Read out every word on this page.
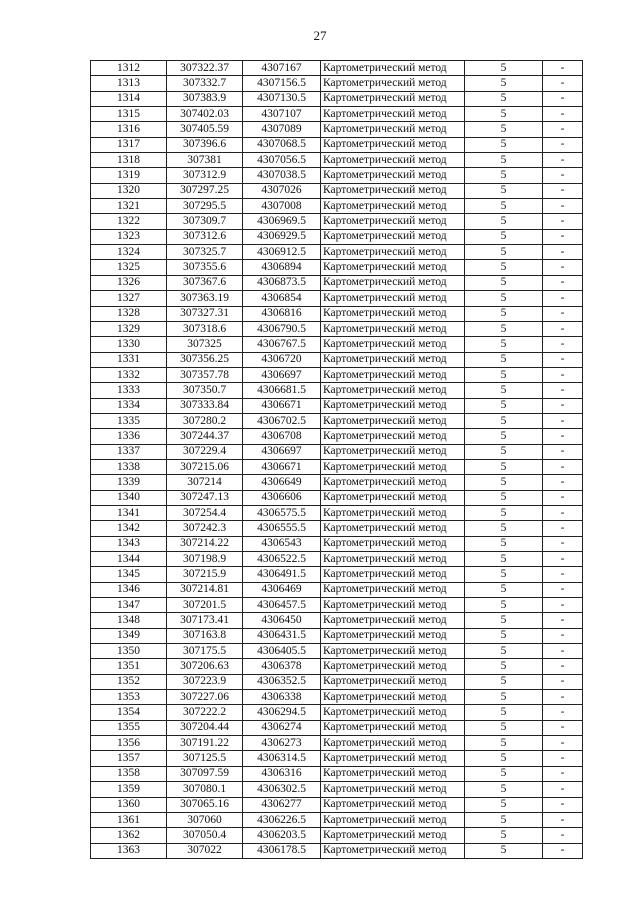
27
1312	307322.37	4307167	Картометрический метод	5	-
1313	307332.7	4307156.5	Картометрический метод	5	-
1314	307383.9	4307130.5	Картометрический метод	5	-
1315	307402.03	4307107	Картометрический метод	5	-
1316	307405.59	4307089	Картометрический метод	5	-
1317	307396.6	4307068.5	Картометрический метод	5	-
1318	307381	4307056.5	Картометрический метод	5	-
1319	307312.9	4307038.5	Картометрический метод	5	-
1320	307297.25	4307026	Картометрический метод	5	-
1321	307295.5	4307008	Картометрический метод	5	-
1322	307309.7	4306969.5	Картометрический метод	5	-
1323	307312.6	4306929.5	Картометрический метод	5	-
1324	307325.7	4306912.5	Картометрический метод	5	-
1325	307355.6	4306894	Картометрический метод	5	-
1326	307367.6	4306873.5	Картометрический метод	5	-
1327	307363.19	4306854	Картометрический метод	5	-
1328	307327.31	4306816	Картометрический метод	5	-
1329	307318.6	4306790.5	Картометрический метод	5	-
1330	307325	4306767.5	Картометрический метод	5	-
1331	307356.25	4306720	Картометрический метод	5	-
1332	307357.78	4306697	Картометрический метод	5	-
1333	307350.7	4306681.5	Картометрический метод	5	-
1334	307333.84	4306671	Картометрический метод	5	-
1335	307280.2	4306702.5	Картометрический метод	5	-
1336	307244.37	4306708	Картометрический метод	5	-
1337	307229.4	4306697	Картометрический метод	5	-
1338	307215.06	4306671	Картометрический метод	5	-
1339	307214	4306649	Картометрический метод	5	-
1340	307247.13	4306606	Картометрический метод	5	-
1341	307254.4	4306575.5	Картометрический метод	5	-
1342	307242.3	4306555.5	Картометрический метод	5	-
1343	307214.22	4306543	Картометрический метод	5	-
1344	307198.9	4306522.5	Картометрический метод	5	-
1345	307215.9	4306491.5	Картометрический метод	5	-
1346	307214.81	4306469	Картометрический метод	5	-
1347	307201.5	4306457.5	Картометрический метод	5	-
1348	307173.41	4306450	Картометрический метод	5	-
1349	307163.8	4306431.5	Картометрический метод	5	-
1350	307175.5	4306405.5	Картометрический метод	5	-
1351	307206.63	4306378	Картометрический метод	5	-
1352	307223.9	4306352.5	Картометрический метод	5	-
1353	307227.06	4306338	Картометрический метод	5	-
1354	307222.2	4306294.5	Картометрический метод	5	-
1355	307204.44	4306274	Картометрический метод	5	-
1356	307191.22	4306273	Картометрический метод	5	-
1357	307125.5	4306314.5	Картометрический метод	5	-
1358	307097.59	4306316	Картометрический метод	5	-
1359	307080.1	4306302.5	Картометрический метод	5	-
1360	307065.16	4306277	Картометрический метод	5	-
1361	307060	4306226.5	Картометрический метод	5	-
1362	307050.4	4306203.5	Картометрический метод	5	-
1363	307022	4306178.5	Картометрический метод	5	-
